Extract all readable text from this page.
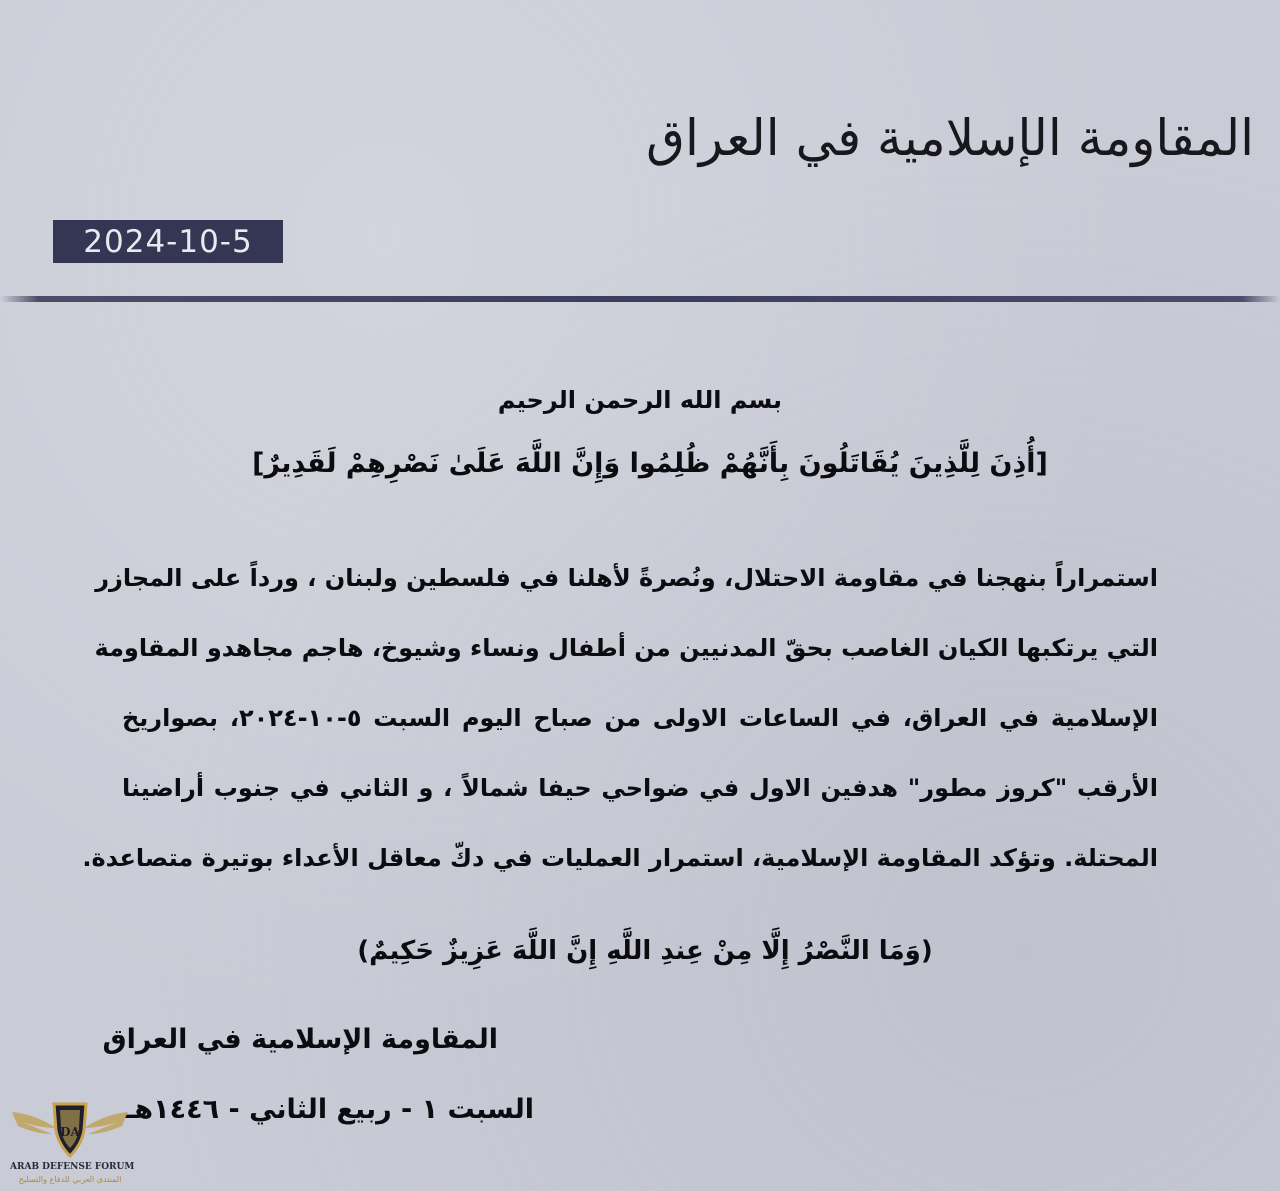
المقاومة الإسلامية في العراق
2024-10-5
بسم الله الرحمن الرحيم
[أُذِنَ لِلَّذِينَ يُقَاتَلُونَ بِأَنَّهُمْ ظُلِمُوا وَإِنَّ اللَّهَ عَلَىٰ نَصْرِهِمْ لَقَدِيرٌ]
استمراراً بنهجنا في مقاومة الاحتلال، ونُصرةً لأهلنا في فلسطين ولبنان ، ورداً على المجازر
التي يرتكبها الكيان الغاصب بحقّ المدنيين من أطفال ونساء وشيوخ، هاجم مجاهدو المقاومة
الإسلامية في العراق، في الساعات الاولى من صباح اليوم السبت ٥-١٠-٢٠٢٤، بصواريخ
الأرقب "كروز مطور" هدفين الاول في ضواحي حيفا شمالاً ، و الثاني في جنوب أراضينا
المحتلة. وتؤكد المقاومة الإسلامية، استمرار العمليات في دكّ معاقل الأعداء بوتيرة متصاعدة.
(وَمَا النَّصْرُ إِلَّا مِنْ عِندِ اللَّهِ إِنَّ اللَّهَ عَزِيزٌ حَكِيمٌ)
المقاومة الإسلامية في العراق
السبت ١ - ربيع الثاني - ١٤٤٦هـ
DA
ARAB DEFENSE FORUM
المنتدى العربي للدفاع والتسليح
